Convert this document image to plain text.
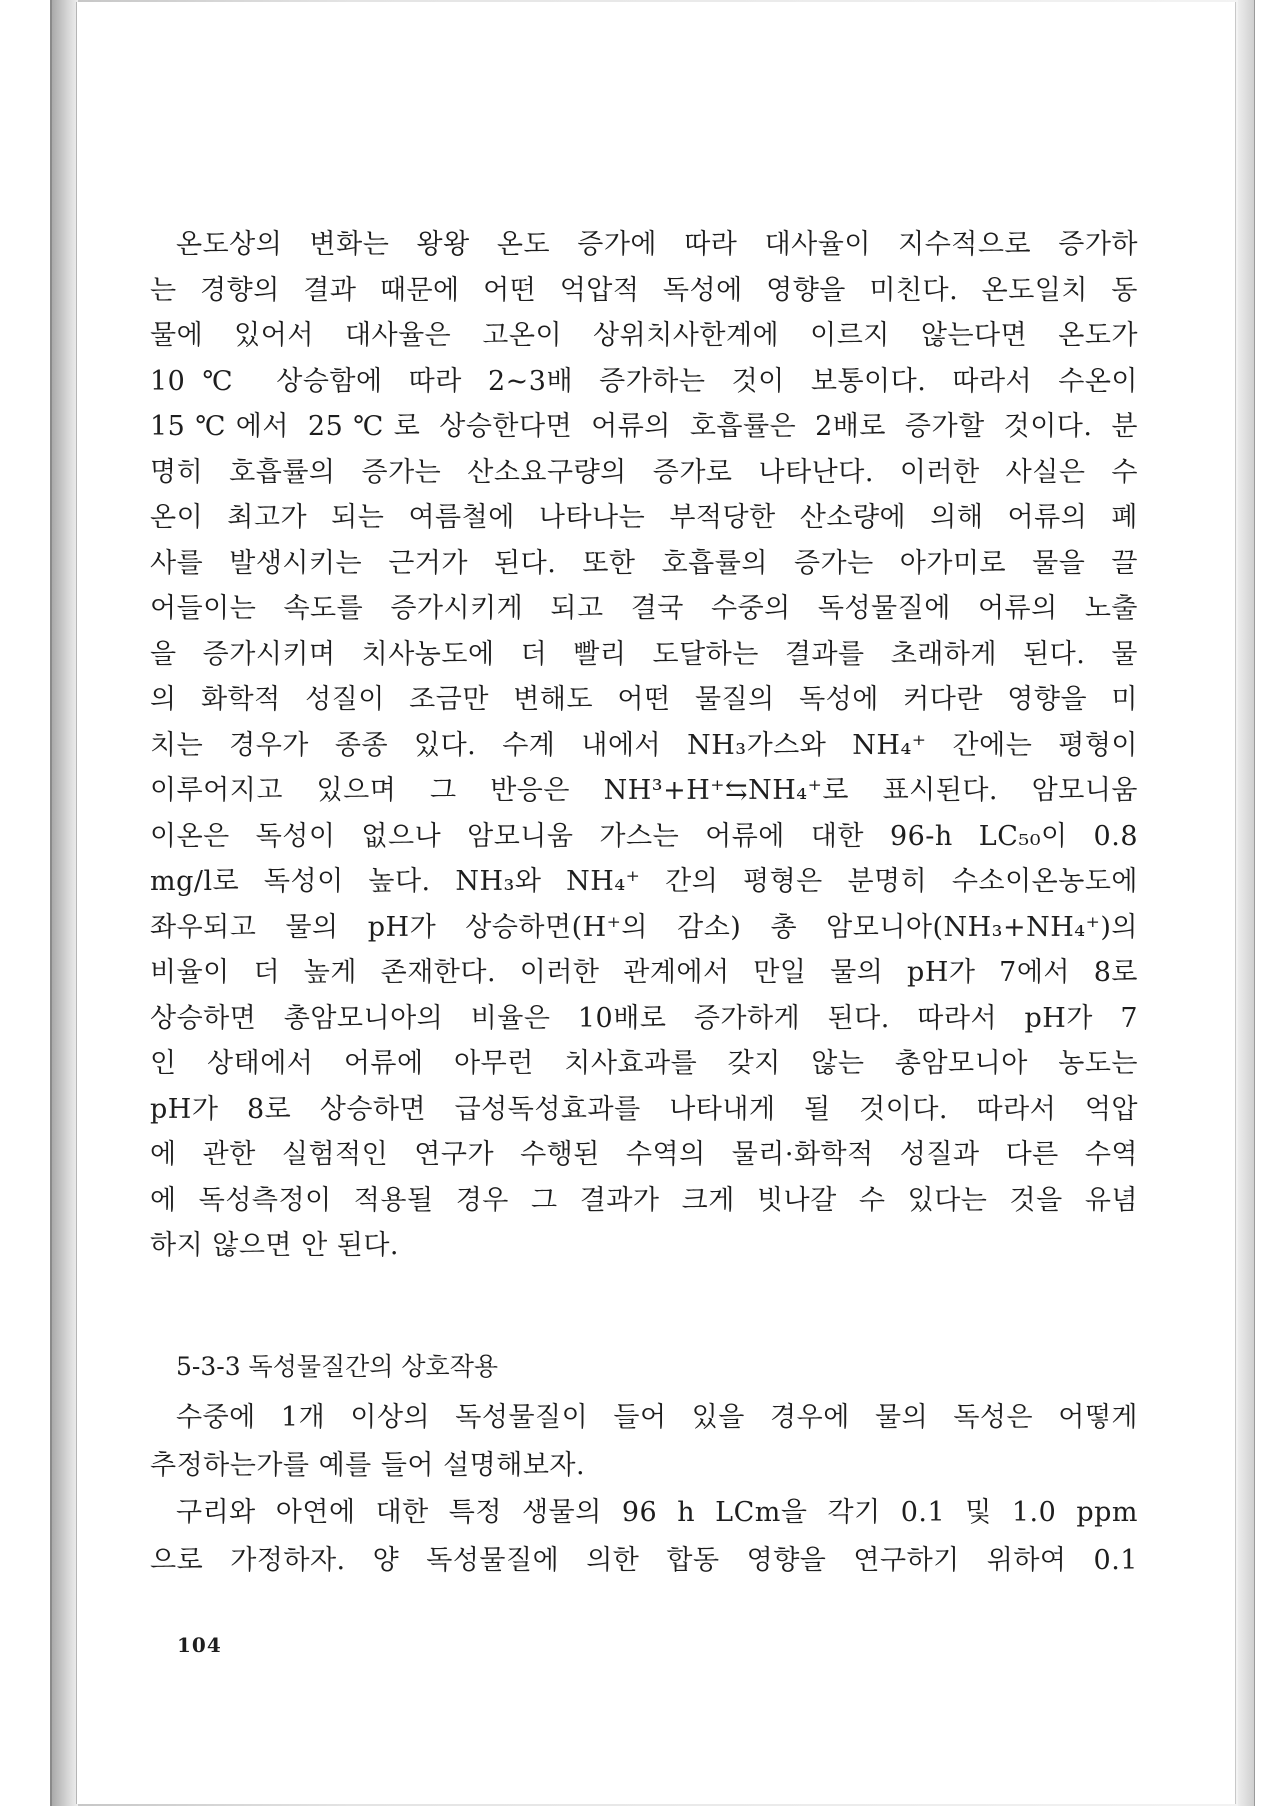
온도상의 변화는 왕왕 온도 증가에 따라 대사율이 지수적으로 증가하
는 경향의 결과 때문에 어떤 억압적 독성에 영향을 미친다. 온도일치 동
물에 있어서 대사율은 고온이 상위치사한계에 이르지 않는다면 온도가
10℃ 상승함에 따라 2~3배 증가하는 것이 보통이다. 따라서 수온이
15℃에서 25℃로 상승한다면 어류의 호흡률은 2배로 증가할 것이다. 분
명히 호흡률의 증가는 산소요구량의 증가로 나타난다. 이러한 사실은 수
온이 최고가 되는 여름철에 나타나는 부적당한 산소량에 의해 어류의 폐
사를 발생시키는 근거가 된다. 또한 호흡률의 증가는 아가미로 물을 끌
어들이는 속도를 증가시키게 되고 결국 수중의 독성물질에 어류의 노출
을 증가시키며 치사농도에 더 빨리 도달하는 결과를 초래하게 된다. 물
의 화학적 성질이 조금만 변해도 어떤 물질의 독성에 커다란 영향을 미
치는 경우가 종종 있다. 수계 내에서 NH₃가스와 NH₄⁺ 간에는 평형이
이루어지고 있으며 그 반응은 NH³+H⁺⇆NH₄⁺로 표시된다. 암모니움
이온은 독성이 없으나 암모니움 가스는 어류에 대한 96-h LC₅₀이 0.8
mg/l로 독성이 높다. NH₃와 NH₄⁺ 간의 평형은 분명히 수소이온농도에
좌우되고 물의 pH가 상승하면(H⁺의 감소) 총 암모니아(NH₃+NH₄⁺)의
비율이 더 높게 존재한다. 이러한 관계에서 만일 물의 pH가 7에서 8로
상승하면 총암모니아의 비율은 10배로 증가하게 된다. 따라서 pH가 7
인 상태에서 어류에 아무런 치사효과를 갖지 않는 총암모니아 농도는
pH가 8로 상승하면 급성독성효과를 나타내게 될 것이다. 따라서 억압
에 관한 실험적인 연구가 수행된 수역의 물리·화학적 성질과 다른 수역
에 독성측정이 적용될 경우 그 결과가 크게 빗나갈 수 있다는 것을 유념
하지 않으면 안 된다.
5-3-3 독성물질간의 상호작용
수중에 1개 이상의 독성물질이 들어 있을 경우에 물의 독성은 어떻게
추정하는가를 예를 들어 설명해보자.
구리와 아연에 대한 특정 생물의 96 h LCm을 각기 0.1 및 1.0 ppm
으로 가정하자. 양 독성물질에 의한 합동 영향을 연구하기 위하여 0.1
104
